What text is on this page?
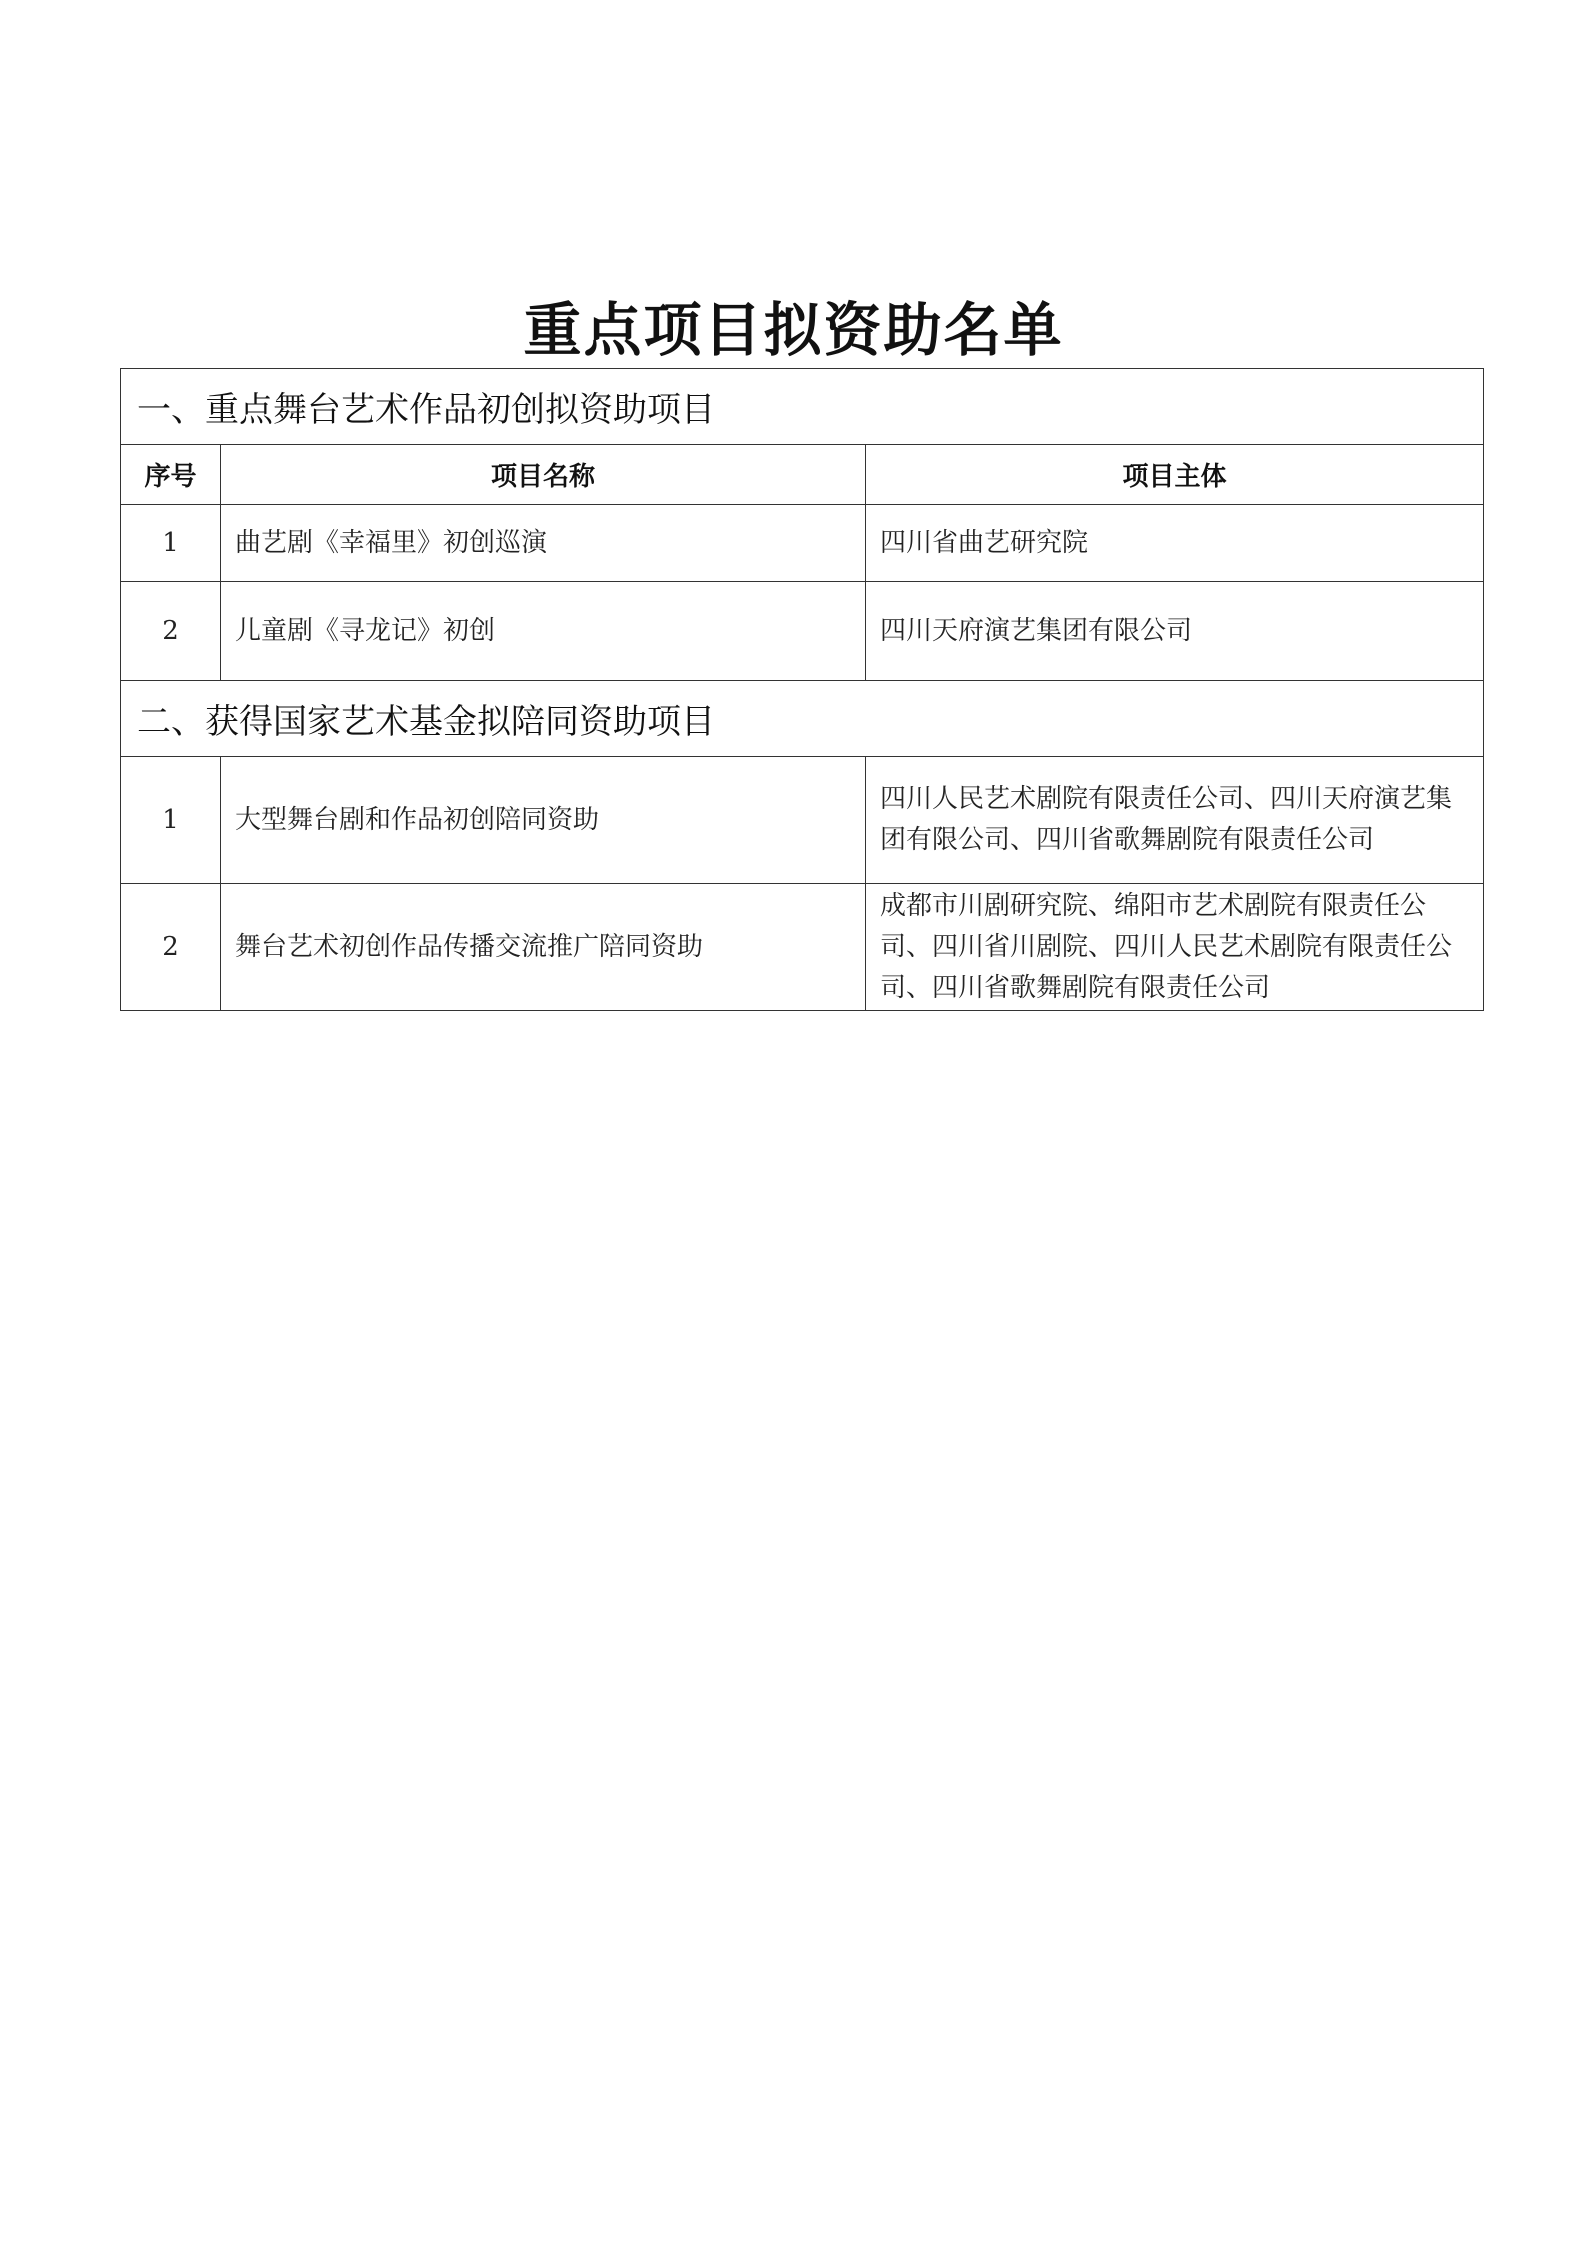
重点项目拟资助名单
一、重点舞台艺术作品初创拟资助项目		
序号	项目名称	项目主体
1	曲艺剧《幸福里》初创巡演	四川省曲艺研究院
2	儿童剧《寻龙记》初创	四川天府演艺集团有限公司
二、获得国家艺术基金拟陪同资助项目		
1	大型舞台剧和作品初创陪同资助	四川人民艺术剧院有限责任公司、四川天府演艺集团有限公司、四川省歌舞剧院有限责任公司
2	舞台艺术初创作品传播交流推广陪同资助	成都市川剧研究院、绵阳市艺术剧院有限责任公司、四川省川剧院、四川人民艺术剧院有限责任公司、四川省歌舞剧院有限责任公司
